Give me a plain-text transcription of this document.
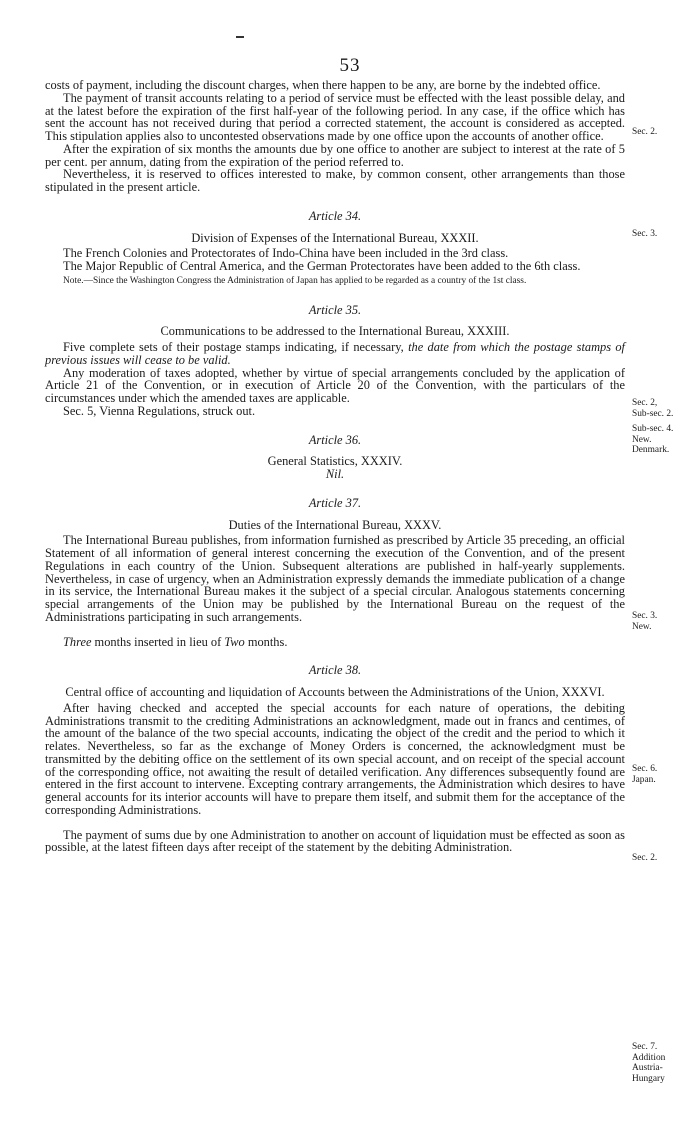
53

costs of payment, including the discount charges, when there happen to be any, are borne by the indebted office.

The payment of transit accounts relating to a period of service must be effected with the least possible delay, and at the latest before the expiration of the first half-year of the following period. In any case, if the office which has sent the account has not received during that period a corrected statement, the account is considered as accepted. This stipulation applies also to uncontested observations made by one office upon the accounts of another office.

After the expiration of six months the amounts due by one office to another are subject to interest at the rate of 5 per cent. per annum, dating from the expiration of the period referred to.

Nevertheless, it is reserved to offices interested to make, by common consent, other arrangements than those stipulated in the present article.

Article 34.

Division of Expenses of the International Bureau, XXXII.

The French Colonies and Protectorates of Indo-China have been included in the 3rd class.

The Major Republic of Central America, and the German Protectorates have been added to the 6th class.

Note.—Since the Washington Congress the Administration of Japan has applied to be regarded as a country of the 1st class.

Article 35.

Communications to be addressed to the International Bureau, XXXIII.

Five complete sets of their postage stamps indicating, if necessary, the date from which the postage stamps of previous issues will cease to be valid.

Any moderation of taxes adopted, whether by virtue of special arrangements concluded by the application of Article 21 of the Convention, or in execution of Article 20 of the Convention, with the particulars of the circumstances under which the amended taxes are applicable.

Sec. 5, Vienna Regulations, struck out.

Article 36.

General Statistics, XXXIV.

Nil.

Article 37.

Duties of the International Bureau, XXXV.

The International Bureau publishes, from information furnished as prescribed by Article 35 preceding, an official Statement of all information of general interest concerning the execution of the Convention, and of the present Regulations in each country of the Union. Subsequent alterations are published in half-yearly supplements. Nevertheless, in case of urgency, when an Administration expressly demands the immediate publication of a change in its service, the International Bureau makes it the subject of a special circular. Analogous statements concerning special arrangements of the Union may be published by the International Bureau on the request of the Administrations participating in such arrangements.

Three months inserted in lieu of Two months.

Article 38.

Central office of accounting and liquidation of Accounts between the Administrations of the Union, XXXVI.

After having checked and accepted the special accounts for each nature of operations, the debiting Administrations transmit to the crediting Administrations an acknowledgment, made out in francs and centimes, of the amount of the balance of the two special accounts, indicating the object of the credit and the period to which it relates. Nevertheless, so far as the exchange of Money Orders is concerned, the acknowledgment must be transmitted by the debiting office on the settlement of its own special account, and on receipt of the special account of the corresponding office, not awaiting the result of detailed verification. Any differences subsequently found are entered in the first account to intervene. Excepting contrary arrangements, the Administration which desires to have general accounts for its interior accounts will have to prepare them itself, and submit them for the acceptance of the corresponding Administrations.

The payment of sums due by one Administration to another on account of liquidation must be effected as soon as possible, at the latest fifteen days after receipt of the statement by the debiting Administration.

Sec. 2.
Sec. 3.
Sec. 2,
Sub-sec. 2.
Sub-sec. 4.
New.
Denmark.
Sec. 3.
New.
Sec. 6.
Japan.
Sec. 2.
Sec. 7.
Addition
Austria-
Hungary
